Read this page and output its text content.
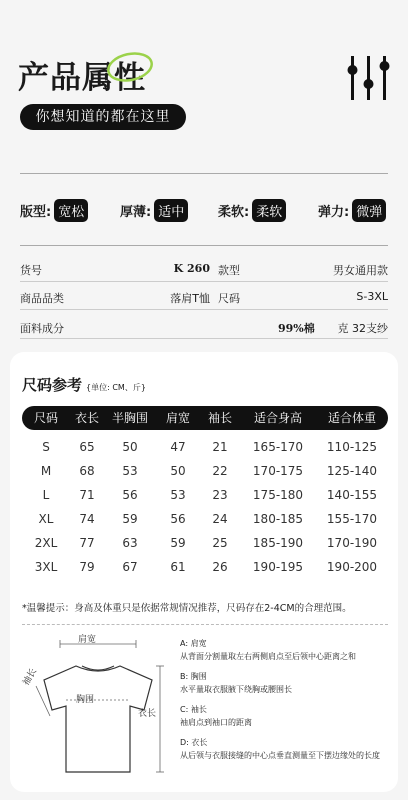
产品属性
你想知道的都在这里
版型: 宽松	厚薄: 适中	柔软: 柔软	弹力: 微弹
货号	K 260 款型	男女通用款
商品品类	落肩T恤 尺码	S-3XL
面料成分	99%棉 克 32支纱
尺码参考 {单位: CM、斤}
尺码	衣长	半胸围	肩宽	袖长	适合身高	适合体重
S	65	50	47	21	165-170	110-125
M	68	53	50	22	170-175	125-140
L	71	56	53	23	175-180	140-155
XL	74	59	56	24	180-185	155-170
2XL	77	63	59	25	185-190	170-190
3XL	79	67	61	26	190-195	190-200
*温馨提示：身高及体重只是依据常规情况推荐，尺码存在2-4CM的合理范围。
肩宽
袖长
胸围
衣长
A: 肩宽
从背面分割量取左右两侧肩点至后领中心距离之和
B: 胸围
水平量取衣服腋下绕胸或腰围长
C: 袖长
袖肩点到袖口的距离
D: 衣长
从后领与衣服接缝的中心点垂直测量至下摆边缘处的长度
